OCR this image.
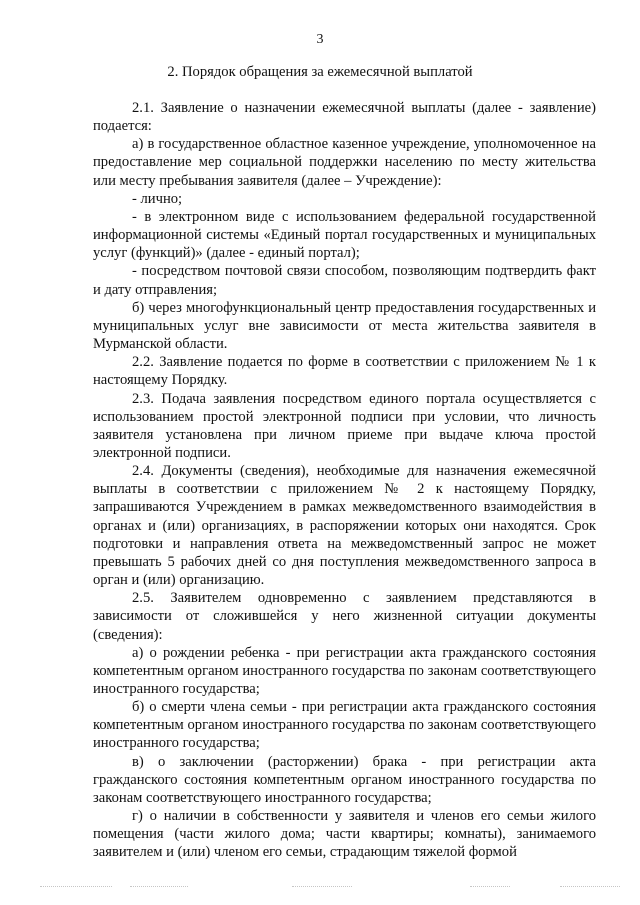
3
2. Порядок обращения за ежемесячной выплатой

2.1. Заявление о назначении ежемесячной выплаты (далее - заявление) подается:

а) в государственное областное казенное учреждение, уполномоченное на предоставление мер социальной поддержки населению по месту жительства или месту пребывания заявителя (далее – Учреждение):

- лично;

- в электронном виде с использованием федеральной государственной информационной системы «Единый портал государственных и муниципальных услуг (функций)» (далее - единый портал);

- посредством почтовой связи способом, позволяющим подтвердить факт и дату отправления;

б) через многофункциональный центр предоставления государственных и муниципальных услуг вне зависимости от места жительства заявителя в Мурманской области.

2.2. Заявление подается по форме в соответствии с приложением № 1 к настоящему Порядку.

2.3. Подача заявления посредством единого портала осуществляется с использованием простой электронной подписи при условии, что личность заявителя установлена при личном приеме при выдаче ключа простой электронной подписи.

2.4. Документы (сведения), необходимые для назначения ежемесячной выплаты в соответствии с приложением № 2 к настоящему Порядку, запрашиваются Учреждением в рамках межведомственного взаимодействия в органах и (или) организациях, в распоряжении которых они находятся. Срок подготовки и направления ответа на межведомственный запрос не может превышать 5 рабочих дней со дня поступления межведомственного запроса в орган и (или) организацию.

2.5. Заявителем одновременно с заявлением представляются в зависимости от сложившейся у него жизненной ситуации документы (сведения):

а) о рождении ребенка - при регистрации акта гражданского состояния компетентным органом иностранного государства по законам соответствующего иностранного государства;

б) о смерти члена семьи - при регистрации акта гражданского состояния компетентным органом иностранного государства по законам соответствующего иностранного государства;

в) о заключении (расторжении) брака - при регистрации акта гражданского состояния компетентным органом иностранного государства по законам соответствующего иностранного государства;

г) о наличии в собственности у заявителя и членов его семьи жилого помещения (части жилого дома; части квартиры; комнаты), занимаемого заявителем и (или) членом его семьи, страдающим тяжелой формой
